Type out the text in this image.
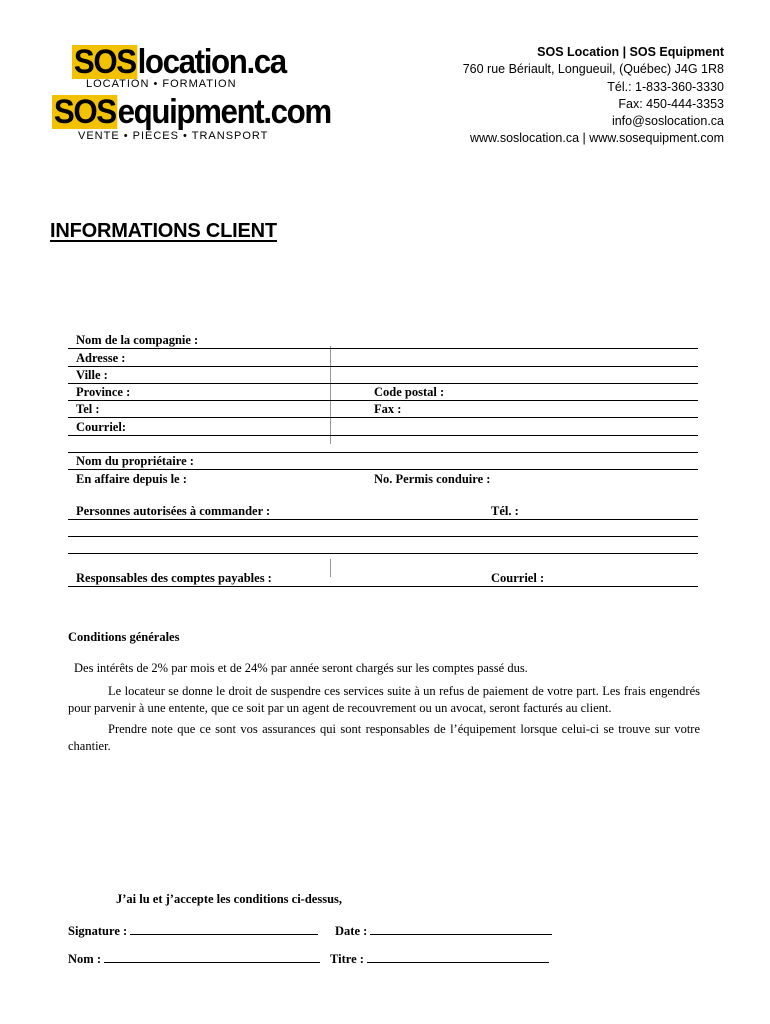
SOSlocation.ca
LOCATION • FORMATION
SOSequipment.com
VENTE • PIÈCES • TRANSPORT
SOS Location | SOS Equipment
760 rue Bériault, Longueuil, (Québec) J4G 1R8
Tél.: 1-833-360-3330
Fax: 450-444-3353
info@soslocation.ca
www.soslocation.ca | www.sosequipment.com
INFORMATIONS CLIENT
Nom de la compagnie :
Adresse :
Ville :
Province :	Code postal :
Tel :	Fax :
Courriel:
Nom du propriétaire :
En affaire depuis le :	No. Permis conduire :
Personnes autorisées à commander :	Tél. :
Responsables des comptes payables :	Courriel :
Conditions générales
Des intérêts de 2% par mois et de 24% par année seront chargés sur les comptes passé dus.
Le locateur se donne le droit de suspendre ces services suite à un refus de paiement de votre part. Les frais engendrés pour parvenir à une entente, que ce soit par un agent de recouvrement ou un avocat, seront facturés au client.
Prendre note que ce sont vos assurances qui sont responsables de l’équipement lorsque celui-ci se trouve sur votre chantier.
J’ai lu et j’accepte les conditions ci-dessus,
Signature :	Date :
Nom :	Titre :
